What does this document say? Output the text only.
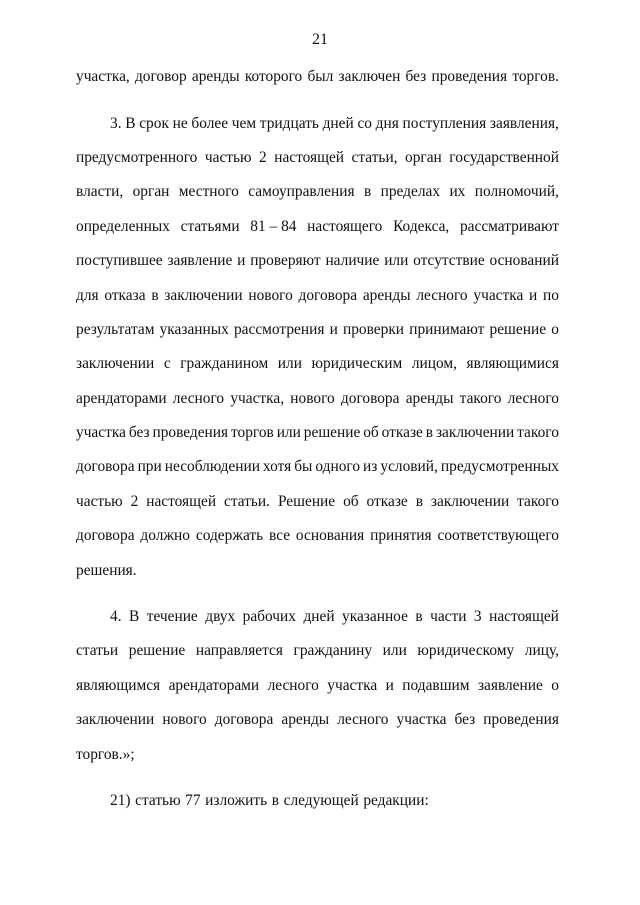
21
участка, договор аренды которого был заключен без проведения торгов.
3. В срок не более чем тридцать дней со дня поступления заявления,
предусмотренного частью 2 настоящей статьи, орган государственной
власти, орган местного самоуправления в пределах их полномочий,
определенных статьями 81 – 84 настоящего Кодекса, рассматривают
поступившее заявление и проверяют наличие или отсутствие оснований
для отказа в заключении нового договора аренды лесного участка и по
результатам указанных рассмотрения и проверки принимают решение о
заключении с гражданином или юридическим лицом, являющимися
арендаторами лесного участка, нового договора аренды такого лесного
участка без проведения торгов или решение об отказе в заключении такого
договора при несоблюдении хотя бы одного из условий, предусмотренных
частью 2 настоящей статьи. Решение об отказе в заключении такого
договора должно содержать все основания принятия соответствующего
решения.
4. В течение двух рабочих дней указанное в части 3 настоящей
статьи решение направляется гражданину или юридическому лицу,
являющимся арендаторами лесного участка и подавшим заявление о
заключении нового договора аренды лесного участка без проведения
торгов.»;
21) статью 77 изложить в следующей редакции:
